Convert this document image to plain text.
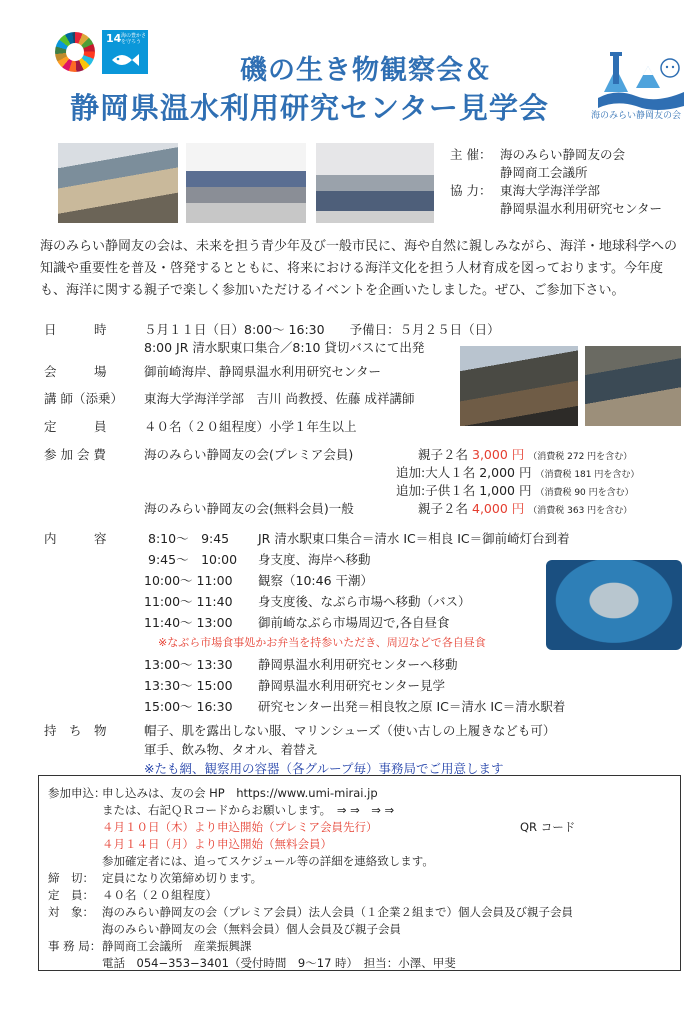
14 海の豊かさを守ろう
磯の生き物観察会＆
静岡県温水利用研究センター見学会	海のみらい静岡友の会
主 催： 海のみらい静岡友の会
静岡商工会議所
協 力： 東海大学海洋学部
静岡県温水利用研究センター
海のみらい静岡友の会は、未来を担う青少年及び一般市民に、海や自然に親しみながら、海洋・地球科学への知識や重要性を普及・啓発するとともに、将来における海洋文化を担う人材育成を図っております。今年度も、海洋に関する親子で楽しく参加いただけるイベントを企画いたしました。ぜひ、ご参加下さい。
日　　　時	５月１１日（日）8:00～ 16:30　　予備日：５月２５日（日）
8:00 JR 清水駅東口集合／8:10 貸切バスにて出発
会　　　場	御前崎海岸、静岡県温水利用研究センター
講 師（添乗） 東海大学海洋学部　吉川 尚教授、佐藤 成祥講師
定　　　員	４０名（２０組程度）小学１年生以上
参 加 会 費	海のみらい静岡友の会(プレミア会員)	親子２名 3,000 円 （消費税 272 円を含む）
追加:大人１名 2,000 円 （消費税 181 円を含む）
追加:子供１名 1,000 円 （消費税 90 円を含む）
海のみらい静岡友の会(無料会員)一般	親子２名 4,000 円 （消費税 363 円を含む）
内　　　容	8:10～　9:45 JR 清水駅東口集合＝清水 IC＝相良 IC＝御前崎灯台到着
9:45～　10:00 身支度、海岸へ移動
10:00～ 11:00 観察（10:46 干潮）
11:00～ 11:40 身支度後、なぶら市場へ移動（バス）
11:40～ 13:00 御前崎なぶら市場周辺で,各自昼食
※なぶら市場食事処かお弁当を持参いただき、周辺などで各自昼食
13:00～ 13:30 静岡県温水利用研究センターへ移動
13:30～ 15:00 静岡県温水利用研究センター見学
15:00～ 16:30 研究センター出発＝相良牧之原 IC＝清水 IC＝清水駅着
持　ち　物	帽子、肌を露出しない服、マリンシューズ（使い古しの上履きなども可）
軍手、飲み物、タオル、着替え
※たも網、観察用の容器（各グループ毎）事務局でご用意します
参加申込：申し込みは、友の会 HP　https://www.umi-mirai.jp
または、右記ＱＲコードからお願いします。　⇒ ⇒　⇒ ⇒
４月１０日（木）より申込開始（プレミア会員先行）
４月１４日（月）より申込開始（無料会員）
参加確定者には、追ってスケジュール等の詳細を連絡致します。
QR コード
締　切： 定員になり次第締め切ります。
定　員： ４０名（２０組程度）
対　象： 海のみらい静岡友の会（プレミア会員）法人会員（１企業２組まで）個人会員及び親子会員
海のみらい静岡友の会（無料会員）個人会員及び親子会員
事 務 局：静岡商工会議所　産業振興課
電話　054−353−3401（受付時間　9～17 時）　担当：小澤、甲斐
